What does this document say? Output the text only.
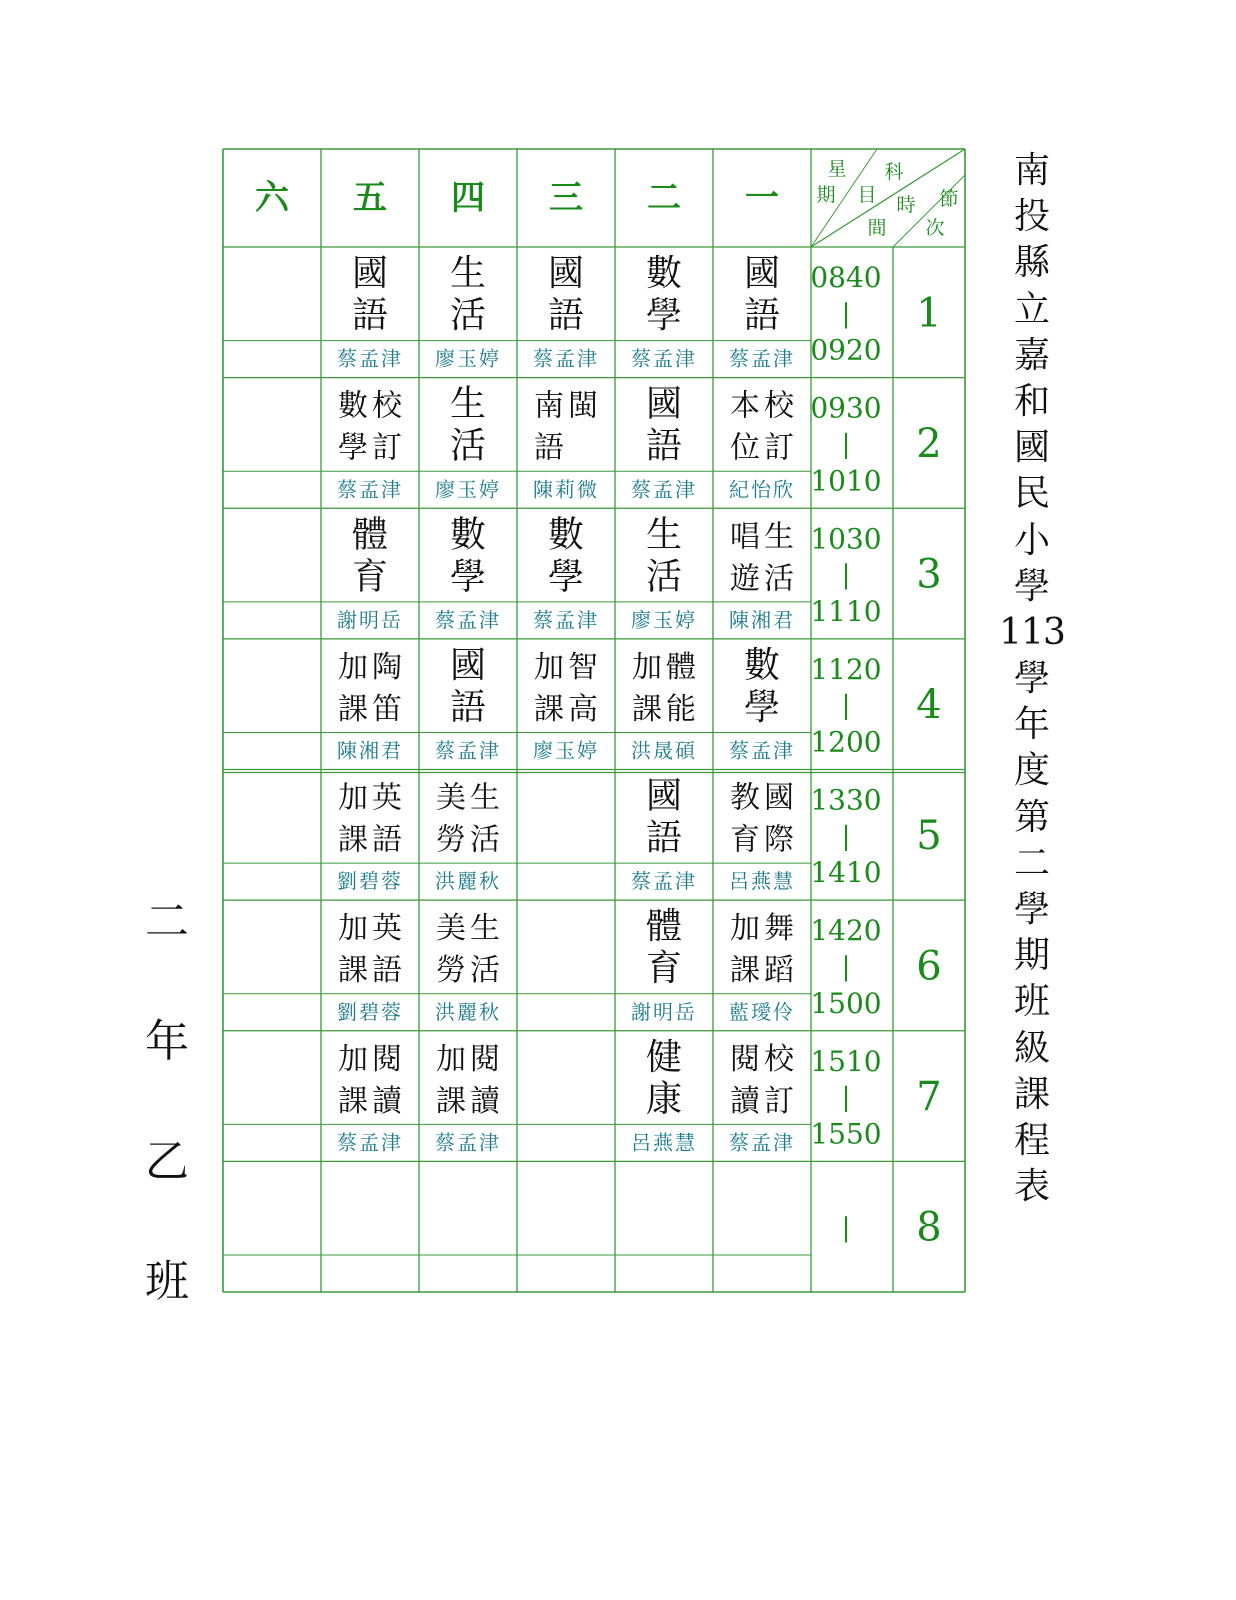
南
投
縣
立
嘉
和
國
民
小
學
113
學
年
度
第
二
學
期
班
級
課
程
表
二
年
乙
班
星
期
科
目 時
間
節
次
一
二
三
四
五
六
1
0840
|
0920
2
0930
|
1010
3
1030
|
1110
4
1120
|
1200
5
1330
|
1410
6
1420
|
1500
7
1510
|
1550
8
|
國
語
蔡孟津
數
學
蔡孟津
國
語
蔡孟津
生
活
廖玉婷
國
語
蔡孟津
本
位
校
訂
紀怡欣
國
語
蔡孟津
南
語
閩
陳莉微
生
活
廖玉婷
數
學
校
訂
蔡孟津
唱
遊
生
活
陳湘君
生
活
廖玉婷
數
學
蔡孟津
數
學
蔡孟津
體
育
謝明岳
數
學
蔡孟津
加
課
體
能
洪晟碩
加
課
智
高
廖玉婷
國
語
蔡孟津
加
課
陶
笛
陳湘君
教
育
國
際
呂燕慧
國
語
蔡孟津
美
勞
生
活
洪麗秋
加
課
英
語
劉碧蓉
加
課
舞
蹈
藍璦伶
體
育
謝明岳
美
勞
生
活
洪麗秋
加
課
英
語
劉碧蓉
閱
讀
校
訂
蔡孟津
健
康
呂燕慧
加
課
閱
讀
蔡孟津
加
課
閱
讀
蔡孟津
